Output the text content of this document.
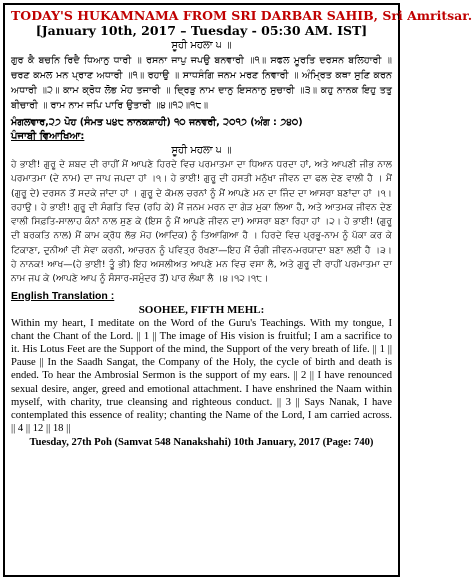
TODAY'S HUKAMNAMA FROM SRI DARBAR SAHIB, Sri Amritsar.
[January 10th, 2017 – Tuesday - 05:30 AM. IST]
ਸੂਹੀ ਮਹਲਾ ੫ ॥
ਗੁਰ ਕੈ ਬਚਨਿ ਰਿਦੈ ਧਿਆਨੁ ਧਾਰੀ ॥ ਰਸਨਾ ਜਾਪੁ ਜਪਉ ਬਨਵਾਰੀ ॥੧॥ ਸਫਲ ਮੂਰਤਿ ਦਰਸਨ ਬਲਿਹਾਰੀ ॥ ਚਰਣ ਕਮਲ ਮਨ ਪ੍ਰਾਣ ਅਧਾਰੀ ॥੧॥ ਰਹਾਉ ॥ ਸਾਧਸੰਗਿ ਜਨਮ ਮਰਣ ਨਿਵਾਰੀ ॥ ਅੰਮ੍ਰਿਤ ਕਥਾ ਸੁਣਿ ਕਰਨ ਅਧਾਰੀ ॥੨॥ ਕਾਮ ਕ੍ਰੋਧ ਲੋਭ ਮੋਹ ਤਜਾਰੀ ॥ ਦ੍ਰਿੜੁ ਨਾਮ ਦਾਨੁ ਇਸਨਾਨੁ ਸੁਚਾਰੀ ॥੩॥ ਕਹੁ ਨਾਨਕ ਇਹੁ ਤਤੁ ਬੀਚਾਰੀ ॥ ਰਾਮ ਨਾਮ ਜਪਿ ਪਾਰਿ ਉਤਾਰੀ ॥੪॥੧੨॥੧੮॥
ਮੰਗਲਵਾਰ,੨੭ ਪੋਹ (ਸੰਮਤ ੫੪੮ ਨਾਨਕਸ਼ਾਹੀ) ੧੦ ਜਨਵਰੀ, ੨੦੧੭ (ਅੰਗ : ੭੪੦)
ਪੰਜਾਬੀ ਵਿਆਖਿਆ:
ਸੂਹੀ ਮਹਲਾ ੫ ॥
ਹੇ ਭਾਈ! ਗੁਰੂ ਦੇ ਸ਼ਬਦ ਦੀ ਰਾਹੀਂ ਮੈਂ ਆਪਣੇ ਹਿਰਦੇ ਵਿਚ ਪਰਮਾਤਮਾ ਦਾ ਧਿਆਨ ਧਰਦਾ ਹਾਂ, ਅਤੇ ਆਪਣੀ ਜੀਭ ਨਾਲ ਪਰਮਾਤਮਾ (ਦੇ ਨਾਮ) ਦਾ ਜਾਪ ਜਪਦਾ ਹਾਂ ।੧। ਹੇ ਭਾਈ! ਗੁਰੂ ਦੀ ਹਸਤੀ ਮਨੁੱਖਾ ਜੀਵਨ ਦਾ ਫਲ ਦੇਣ ਵਾਲੀ ਹੈ । ਮੈਂ (ਗੁਰੂ ਦੇ) ਦਰਸਨ ਤੋਂ ਸਦਕੇ ਜਾਂਦਾ ਹਾਂ । ਗੁਰੂ ਦੇ ਕੋਮਲ ਚਰਨਾਂ ਨੂੰ ਮੈਂ ਆਪਣੇ ਮਨ ਦਾ ਜਿੰਦ ਦਾ ਆਸਰਾ ਬਣਾਂਦਾ ਹਾਂ ।੧।ਰਹਾਉ। ਹੇ ਭਾਈ! ਗੁਰੂ ਦੀ ਸੰਗਤਿ ਵਿਚ (ਰਹਿ ਕੇ) ਮੈਂ ਜਨਮ ਮਰਨ ਦਾ ਗੇੜ ਮੁਕਾ ਲਿਆ ਹੈ, ਅਤੇ ਆਤਮਕ ਜੀਵਨ ਦੇਣ ਵਾਲੀ ਸਿਫ਼ਤਿ-ਸਾਲਾਹ ਕੰਨਾਂ ਨਾਲ ਸੁਣ ਕੇ (ਇਸ ਨੂੰ ਮੈਂ ਆਪਣੇ ਜੀਵਨ ਦਾ) ਆਸਰਾ ਬਣਾ ਰਿਹਾ ਹਾਂ ।੨। ਹੇ ਭਾਈ! (ਗੁਰੂ ਦੀ ਬਰਕਤਿ ਨਾਲ) ਮੈਂ ਕਾਮ ਕ੍ਰੋਧ ਲੋਭ ਮੋਹ (ਆਦਿਕ) ਨੂੰ ਤਿਆਗਿਆ ਹੈ । ਹਿਰਦੇ ਵਿਚ ਪ੍ਰਭੂ-ਨਾਮ ਨੂੰ ਪੱਕਾ ਕਰ ਕੇ ਟਿਕਾਣਾ, ਦੁਨੀਆਂ ਦੀ ਸੇਵਾ ਕਰਨੀ, ਆਚਰਨ ਨੂੰ ਪਵਿਤ੍ਰ ਰੱਖਣਾ—ਇਹ ਮੈਂ ਚੰਗੀ ਜੀਵਨ-ਮਰਯਾਦਾ ਬਣਾ ਲਈ ਹੈ ।੩। ਹੇ ਨਾਨਕ! ਆਖ—(ਹੇ ਭਾਈ! ਤੂੰ ਭੀ) ਇਹ ਅਸਲੀਅਤ ਆਪਣੇ ਮਨ ਵਿਚ ਵਸਾ ਲੈ, ਅਤੇ ਗੁਰੂ ਦੀ ਰਾਹੀਂ ਪਰਮਾਤਮਾ ਦਾ ਨਾਮ ਜਪ ਕੇ (ਆਪਣੇ ਆਪ ਨੂੰ ਸੰਸਾਰ-ਸਮੁੰਦਰ ਤੋਂ) ਪਾਰ ਲੰਘਾ ਲੈ ।੪।੧੨।੧੮।
English Translation :
SOOHEE, FIFTH MEHL:
Within my heart, I meditate on the Word of the Guru's Teachings. With my tongue, I chant the Chant of the Lord. || 1 || The image of His vision is fruitful; I am a sacrifice to it. His Lotus Feet are the Support of the mind, the Support of the very breath of life. || 1 || Pause || In the Saadh Sangat, the Company of the Holy, the cycle of birth and death is ended. To hear the Ambrosial Sermon is the support of my ears. || 2 || I have renounced sexual desire, anger, greed and emotional attachment. I have enshrined the Naam within myself, with charity, true cleansing and righteous conduct. || 3 || Says Nanak, I have contemplated this essence of reality; chanting the Name of the Lord, I am carried across. || 4 || 12 || 18 ||
Tuesday, 27th Poh (Samvat 548 Nanakshahi) 10th January, 2017 (Page: 740)
